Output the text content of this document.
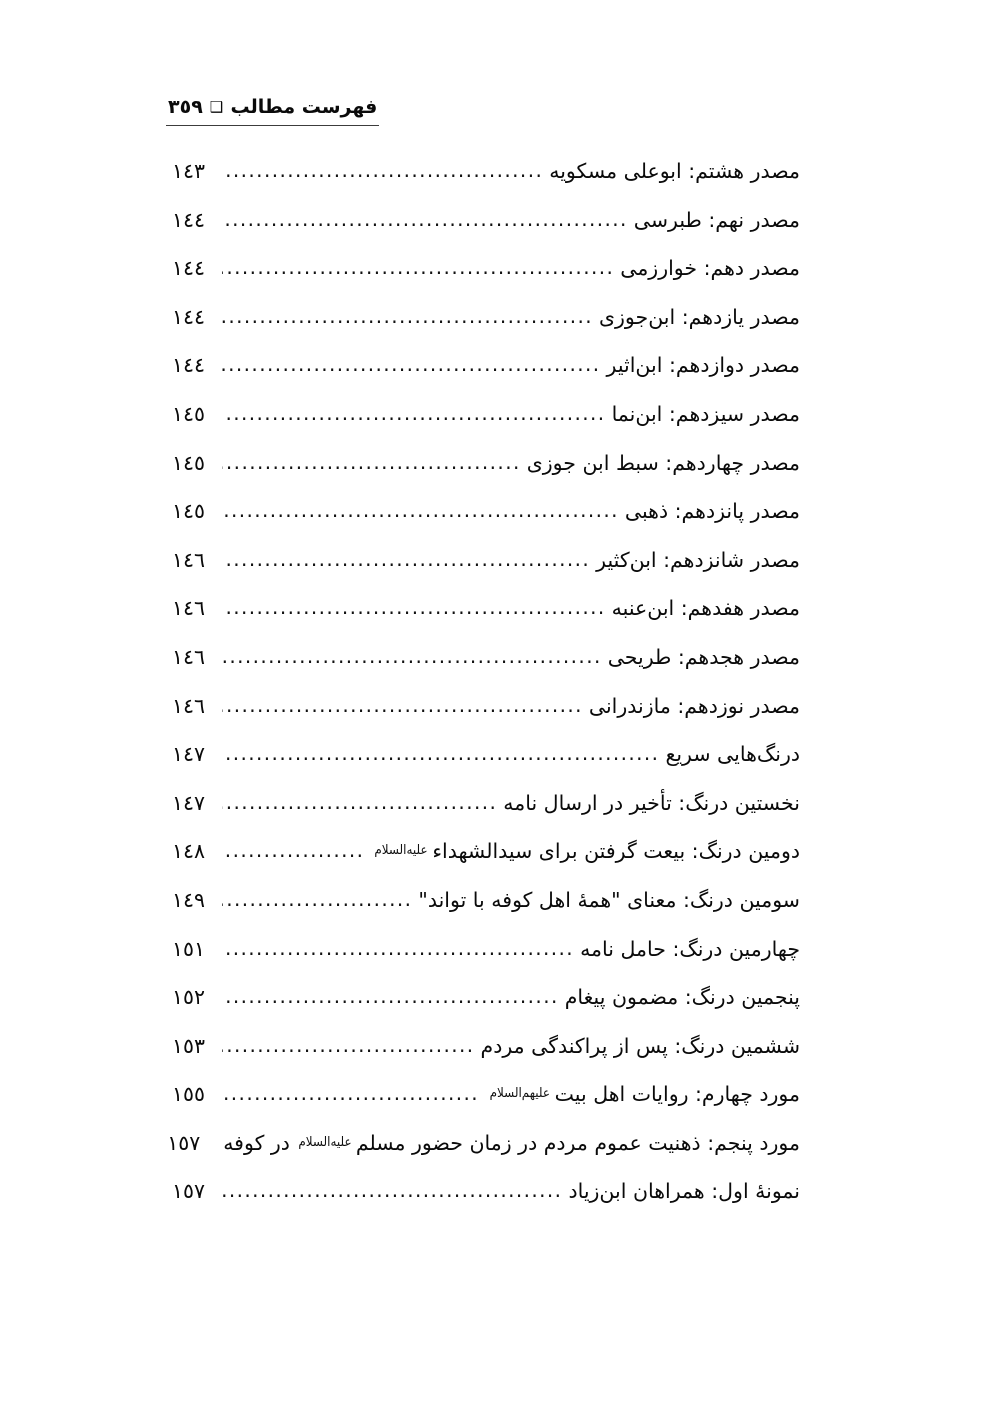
فهرست مطالب❑٣٥٩
مصدر هشتم: ابوعلی مسکویه
.....
١٤٣
مصدر نهم: طبرسی
.....
١٤٤
مصدر دهم: خوارزمی
.....
١٤٤
مصدر یازدهم: ابن‌جوزی
.....
١٤٤
مصدر دوازدهم: ابن‌اثیر
.....
١٤٤
مصدر سیزدهم: ابن‌نما
.....
١٤٥
مصدر چهاردهم: سبط ابن جوزی
.....
١٤٥
مصدر پانزدهم: ذهبی
.....
١٤٥
مصدر شانزدهم: ابن‌کثیر
.....
١٤٦
مصدر هفدهم: ابن‌عنبه
.....
١٤٦
مصدر هجدهم: طریحی
.....
١٤٦
مصدر نوزدهم: مازندرانی
.....
١٤٦
درنگ‌هایی سریع
.....
١٤٧
نخستین درنگ: تأخیر در ارسال نامه
.....
١٤٧
دومین درنگ: بیعت گرفتن برای سیدالشهداء
علیه‌السلام
.....
١٤٨
سومین درنگ: معنای "همهٔ اهل کوفه با تواند"
.....
١٤٩
چهارمین درنگ: حامل نامه
.....
١٥١
پنجمین درنگ: مضمون پیغام
.....
١٥٢
ششمین درنگ: پس از پراکندگی مردم
.....
١٥٣
مورد چهارم: روایات اهل بیت
علیهم‌السلام
.....
١٥٥
مورد پنجم: ذهنیت عموم مردم در زمان حضور مسلم
علیه‌السلام
در کوفه
١٥٧
نمونهٔ اول: همراهان ابن‌زیاد
.....
١٥٧
